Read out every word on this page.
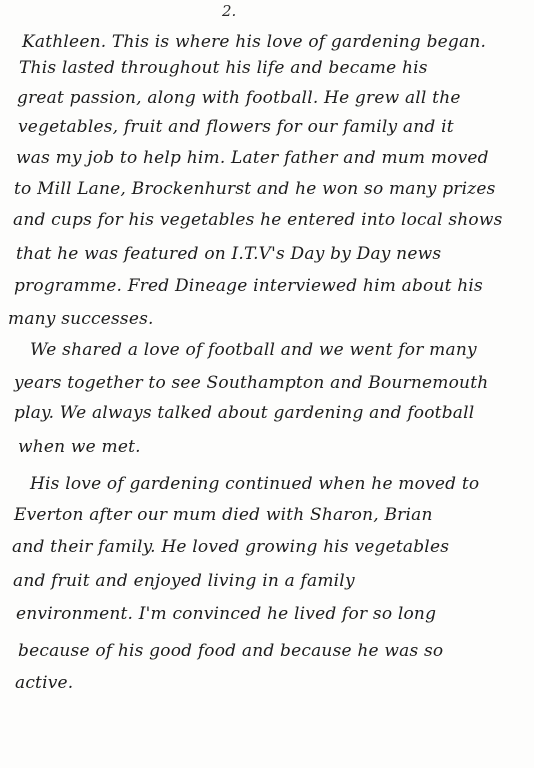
2.
Kathleen. This is where his love of gardening began.
This lasted throughout his life and became his
great passion, along with football. He grew all the
vegetables, fruit and flowers for our family and it
was my job to help him. Later father and mum moved
to Mill Lane, Brockenhurst and he won so many prizes
and cups for his vegetables he entered into local shows
that he was featured on I.T.V's Day by Day news
programme. Fred Dineage interviewed him about his
many successes.
We shared a love of football and we went for many
years together to see Southampton and Bournemouth
play. We always talked about gardening and football
when we met.
His love of gardening continued when he moved to
Everton after our mum died with Sharon, Brian
and their family. He loved growing his vegetables
and fruit and enjoyed living in a family
environment. I'm convinced he lived for so long
because of his good food and because he was so
active.
